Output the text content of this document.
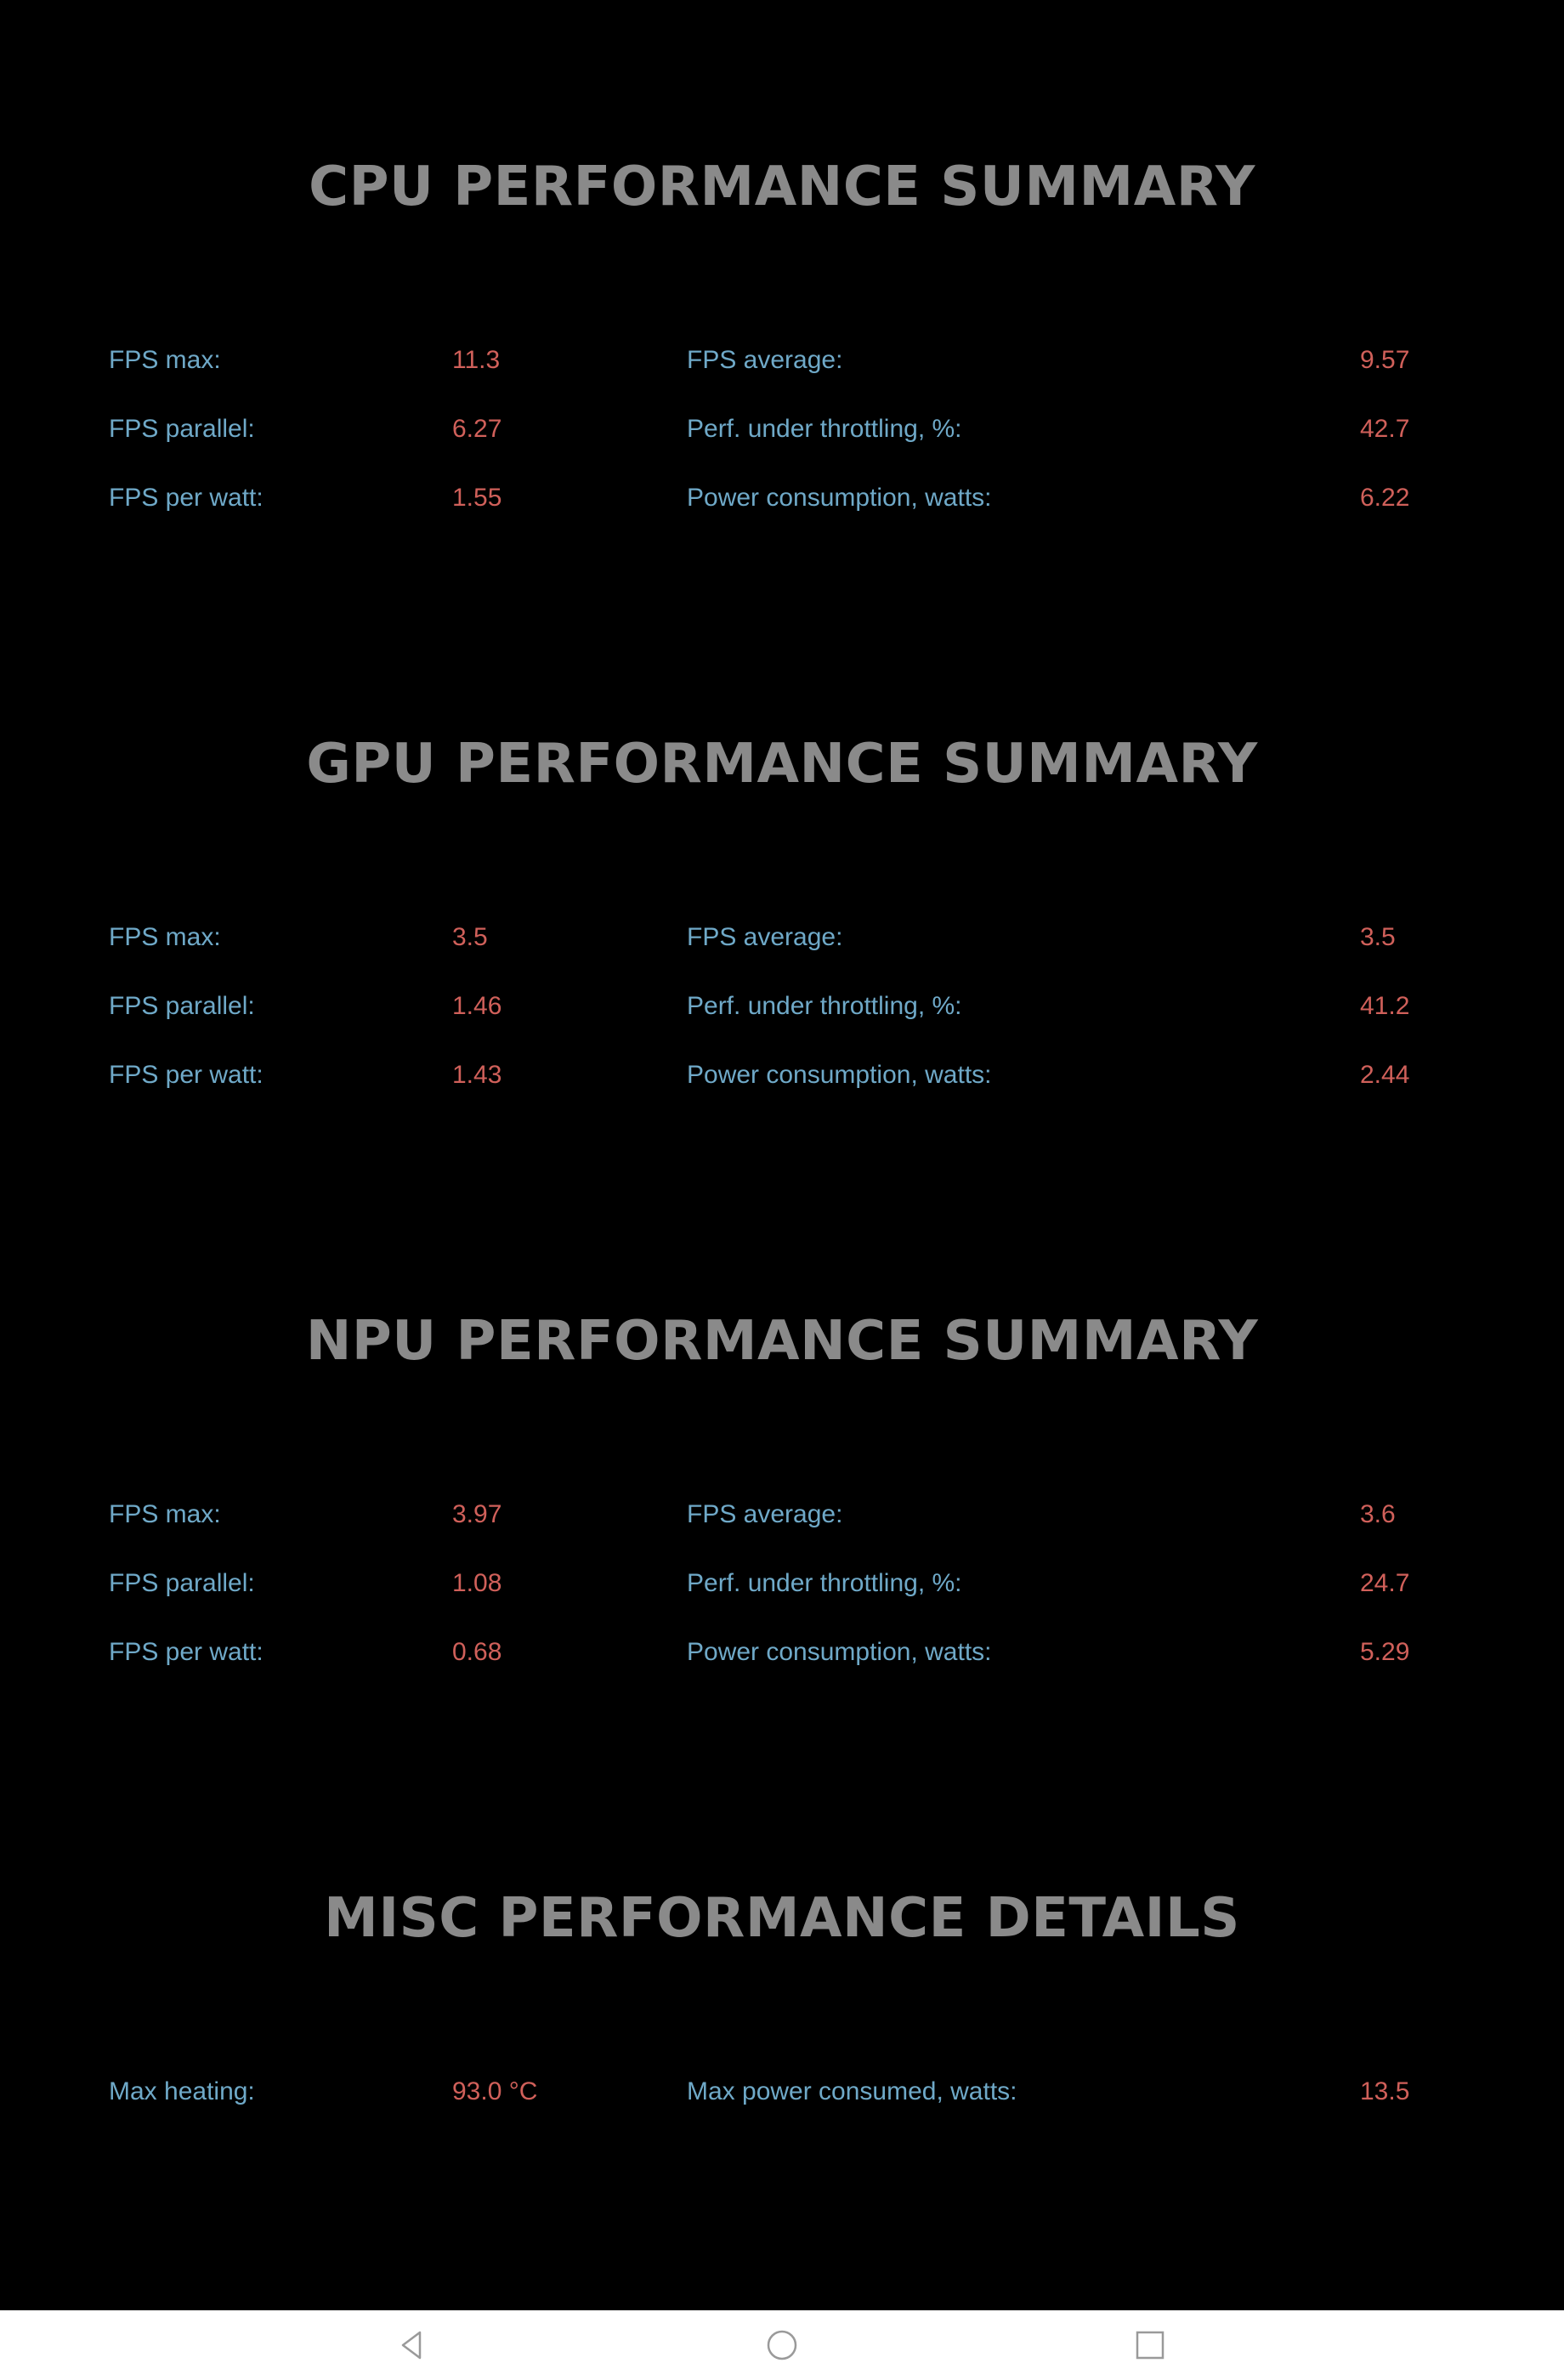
CPU PERFORMANCE SUMMARY
FPS max:	11.3	FPS average:	9.57
FPS parallel:	6.27	Perf. under throttling, %:	42.7
FPS per watt:	1.55	Power consumption, watts:	6.22
GPU PERFORMANCE SUMMARY
FPS max:	3.5	FPS average:	3.5
FPS parallel:	1.46	Perf. under throttling, %:	41.2
FPS per watt:	1.43	Power consumption, watts:	2.44
NPU PERFORMANCE SUMMARY
FPS max:	3.97	FPS average:	3.6
FPS parallel:	1.08	Perf. under throttling, %:	24.7
FPS per watt:	0.68	Power consumption, watts:	5.29
MISC PERFORMANCE DETAILS
Max heating:	93.0 °C	Max power consumed, watts:	13.5
